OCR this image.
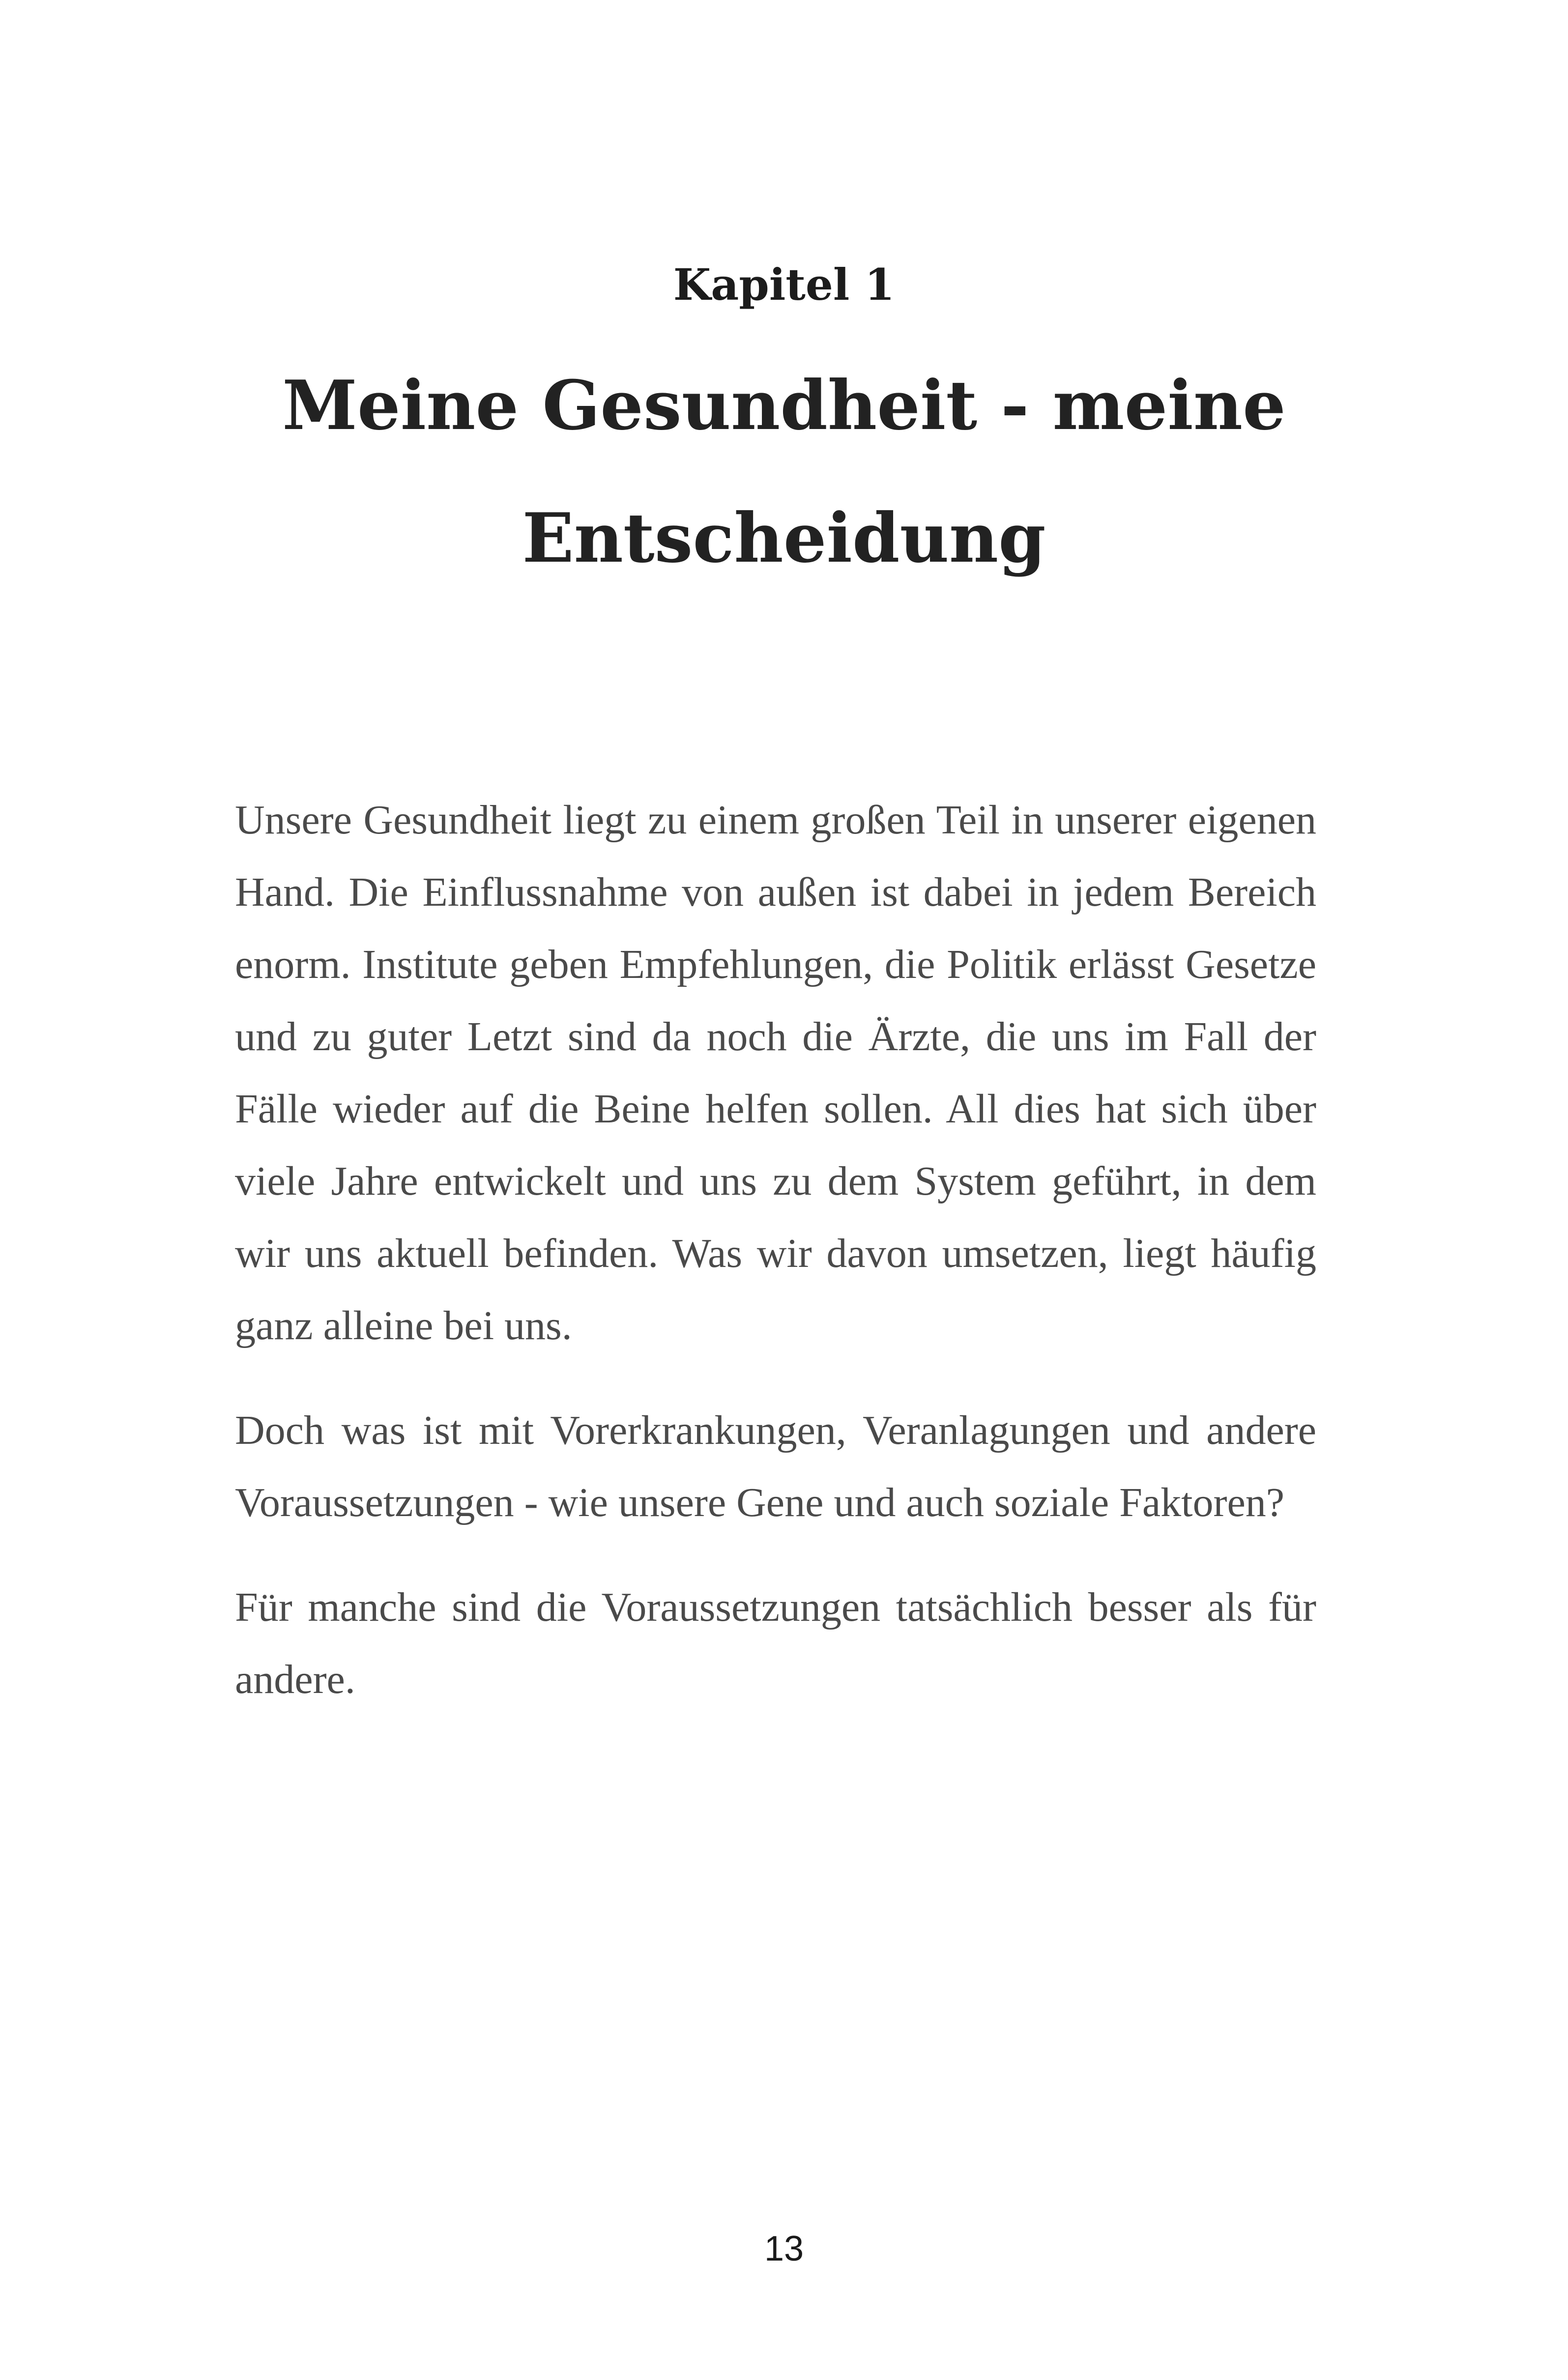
Kapitel 1
Meine Gesundheit - meine Entscheidung

Unsere Gesundheit liegt zu einem großen Teil in unserer eigenen Hand. Die Einflussnahme von außen ist dabei in jedem Bereich enorm. Institute geben Empfehlungen, die Politik erlässt Gesetze und zu guter Letzt sind da noch die Ärzte, die uns im Fall der Fälle wieder auf die Beine helfen sollen. All dies hat sich über viele Jahre entwickelt und uns zu dem System geführt, in dem wir uns aktuell befinden. Was wir davon umsetzen, liegt häufig ganz alleine bei uns.

Doch was ist mit Vorerkrankungen, Veranlagungen und andere Voraussetzungen - wie unsere Gene und auch soziale Faktoren?

Für manche sind die Voraussetzungen tatsächlich besser als für andere.

13
